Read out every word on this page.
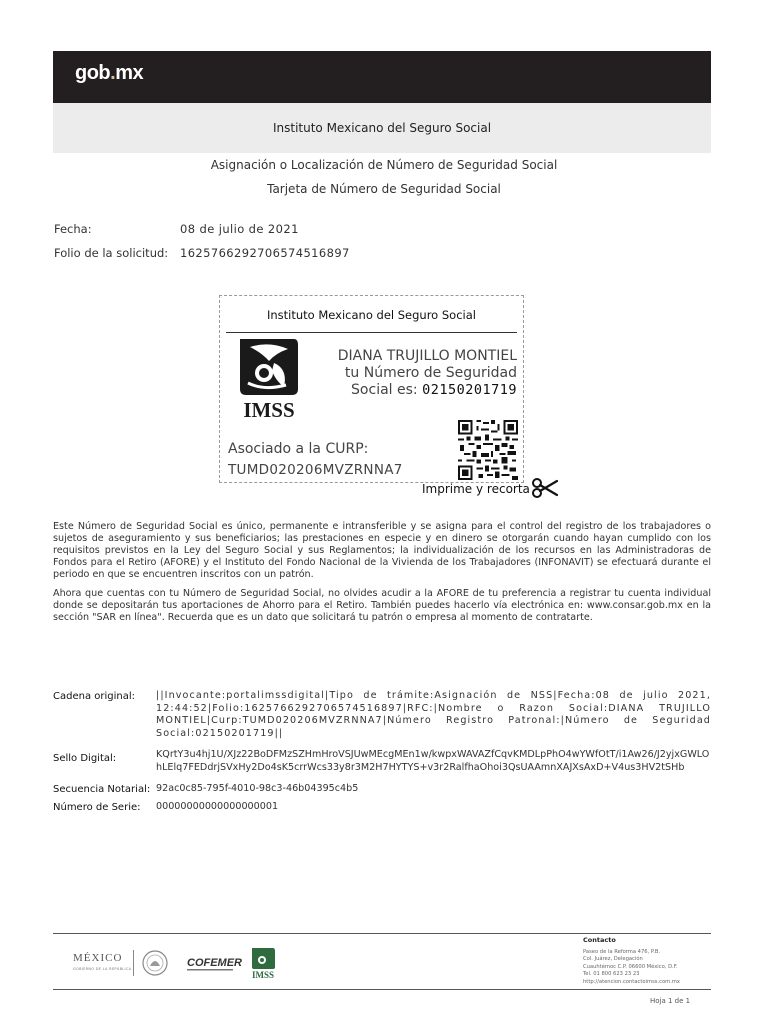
gob.mx
Instituto Mexicano del Seguro Social
Asignación o Localización de Número de Seguridad Social
Tarjeta de Número de Seguridad Social
Fecha:	08 de julio de 2021
Folio de la solicitud: 1625766292706574516897
Instituto Mexicano del Seguro Social
IMSS
DIANA TRUJILLO MONTIEL
tu Número de Seguridad
Social es: 02150201719
Asociado a la CURP:
TUMD020206MVZRNNA7
Imprime y recorta
Este Número de Seguridad Social es único, permanente e intransferible y se asigna para el control del registro de los trabajadores o sujetos de aseguramiento y sus beneficiarios; las prestaciones en especie y en dinero se otorgarán cuando hayan cumplido con los requisitos previstos en la Ley del Seguro Social y sus Reglamentos; la individualización de los recursos en las Administradoras de Fondos para el Retiro (AFORE) y el Instituto del Fondo Nacional de la Vivienda de los Trabajadores (INFONAVIT) se efectuará durante el periodo en que se encuentren inscritos con un patrón.
Ahora que cuentas con tu Número de Seguridad Social, no olvides acudir a la AFORE de tu preferencia a registrar tu cuenta individual donde se depositarán tus aportaciones de Ahorro para el Retiro. También puedes hacerlo vía electrónica en: www.consar.gob.mx en la sección "SAR en línea". Recuerda que es un dato que solicitará tu patrón o empresa al momento de contratarte.
Cadena original: ||Invocante:portalimssdigital|Tipo de trámite:Asignación de NSS|Fecha:08 de julio 2021, 12:44:52|Folio:1625766292706574516897|RFC:|Nombre o Razon Social:DIANA TRUJILLO MONTIEL|Curp:TUMD020206MVZRNNA7|Número Registro Patronal:|Número de Seguridad Social:02150201719||
Sello Digital:	KQrtY3u4hj1U/XJz22BoDFMzSZHmHroVSJUwMEcgMEn1w/kwpxWAVAZfCqvKMDLpPhO4wYWfOtT/i1Aw26/J2yjxGWLOhLElq7FEDdrjSVxHy2Do4sK5crrWcs33y8r3M2H7HYTYS+v3r2RalfhaOhoi3QsUAAmnXAJXsAxD+V4us3HV2tSHb
Secuencia Notarial: 92ac0c85-795f-4010-98c3-46b04395c4b5
Número de Serie: 00000000000000000001
MÉXICO
GOBIERNO DE LA REPÚBLICA	COFEMER
IMSS
Contacto
Paseo de la Reforma 476, P.B.
Col. Juárez, Delegación
Cuauhtémoc C.P. 06600 México, D.F.
Tel. 01 800 623 23 23
http://atencion.contactoimss.com.mx
Hoja 1 de 1
